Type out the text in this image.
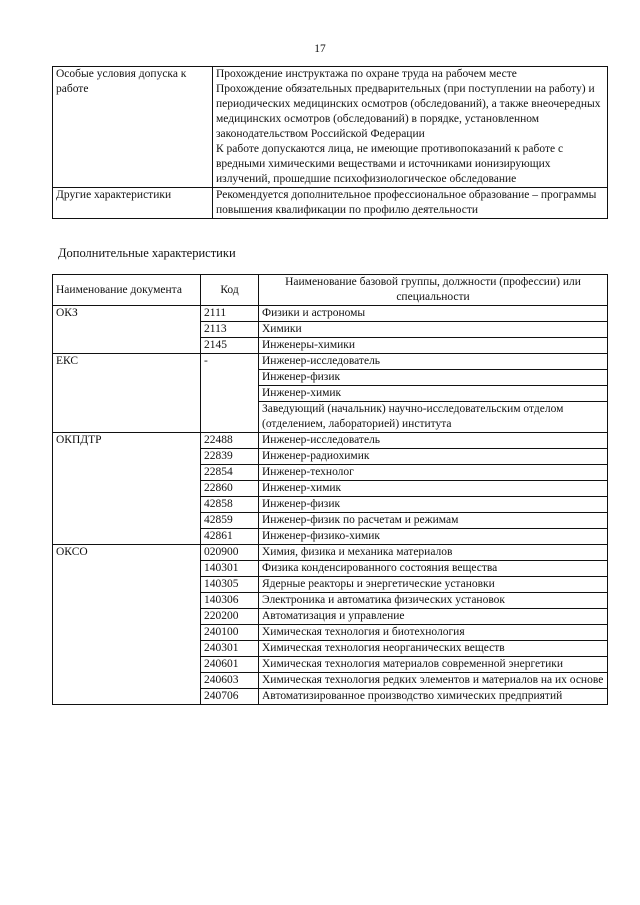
17
Особые условия допуска к работе	Прохождение инструктажа по охране труда на рабочем месте
Прохождение обязательных предварительных (при поступлении на работу) и периодических медицинских осмотров (обследований), а также внеочередных медицинских осмотров (обследований) в порядке, установленном законодательством Российской Федерации
К работе допускаются лица, не имеющие противопоказаний к работе с вредными химическими веществами и источниками ионизирующих излучений, прошедшие психофизиологическое обследование

Другие характеристики	Рекомендуется дополнительное профессиональное образование – программы повышения квалификации по профилю деятельности
Дополнительные характеристики
Наименование документа	Код	Наименование базовой группы, должности (профессии) или специальности
ОКЗ	2111	Физики и астрономы
	2113	Химики
	2145	Инженеры-химики
ЕКС	-	Инженер-исследователь
		Инженер-физик
		Инженер-химик
		Заведующий (начальник) научно-исследовательским отделом (отделением, лабораторией) института
ОКПДТР	22488	Инженер-исследователь
	22839	Инженер-радиохимик
	22854	Инженер-технолог
	22860	Инженер-химик
	42858	Инженер-физик
	42859	Инженер-физик по расчетам и режимам
	42861	Инженер-физико-химик
ОКСО	020900	Химия, физика и механика материалов
	140301	Физика конденсированного состояния вещества
	140305	Ядерные реакторы и энергетические установки
	140306	Электроника и автоматика физических установок
	220200	Автоматизация и управление
	240100	Химическая технология и биотехнология
	240301	Химическая технология неорганических веществ
	240601	Химическая технология материалов современной энергетики
	240603	Химическая технология редких элементов и материалов на их основе
	240706	Автоматизированное производство химических предприятий
